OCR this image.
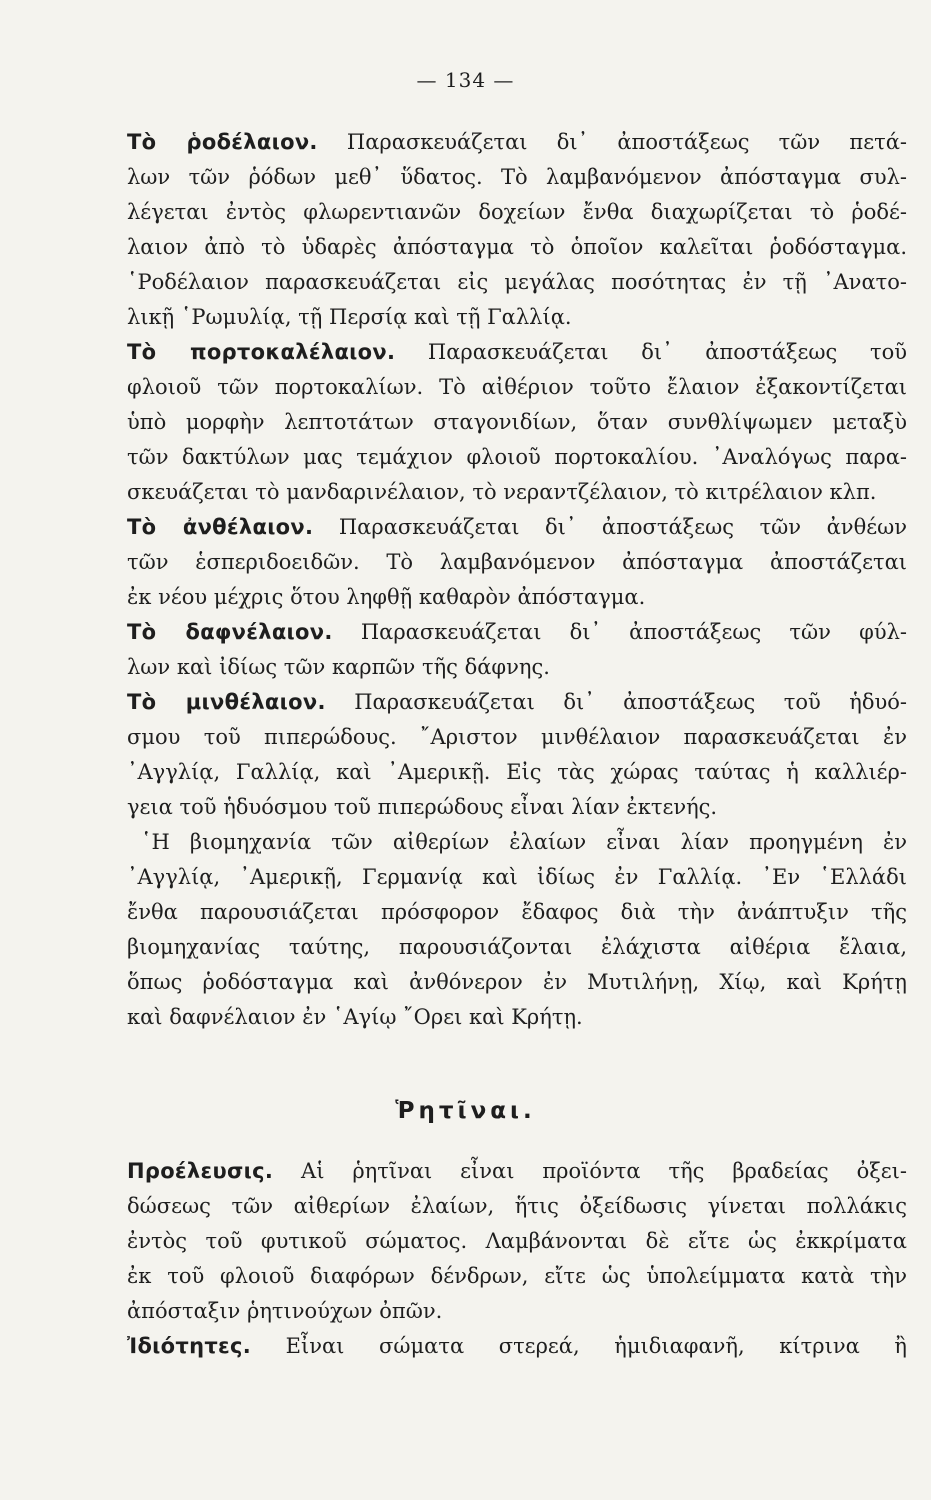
— 134 —
Τὸ ῥοδέλαιον. Παρασκευάζεται δι᾽ ἀποστάξεως τῶν πετά-
λων τῶν ῥόδων μεθ᾽ ὕδατος. Τὸ λαμβανόμενον ἀπόσταγμα συλ-
λέγεται ἐντὸς φλωρεντιανῶν δοχείων ἔνθα διαχωρίζεται τὸ ῥοδέ-
λαιον ἀπὸ τὸ ὑδαρὲς ἀπόσταγμα τὸ ὁποῖον καλεῖται ῥοδόσταγμα.
῾Ροδέλαιον παρασκευάζεται εἰς μεγάλας ποσότητας ἐν τῇ ᾿Ανατο-
λικῇ ῾Ρωμυλίᾳ, τῇ Περσίᾳ καὶ τῇ Γαλλίᾳ.
Τὸ πορτοκαλέλαιον. Παρασκευάζεται δι᾽ ἀποστάξεως τοῦ
φλοιοῦ τῶν πορτοκαλίων. Τὸ αἰθέριον τοῦτο ἔλαιον ἐξακοντίζεται
ὑπὸ μορφὴν λεπτοτάτων σταγονιδίων, ὅταν συνθλίψωμεν μεταξὺ
τῶν δακτύλων μας τεμάχιον φλοιοῦ πορτοκαλίου. ᾿Αναλόγως παρα-
σκευάζεται τὸ μανδαρινέλαιον, τὸ νεραντζέλαιον, τὸ κιτρέλαιον κλπ.
Τὸ ἀνθέλαιον. Παρασκευάζεται δι᾽ ἀποστάξεως τῶν ἀνθέων
τῶν ἑσπεριδοειδῶν. Τὸ λαμβανόμενον ἀπόσταγμα ἀποστάζεται
ἐκ νέου μέχρις ὅτου ληφθῇ καθαρὸν ἀπόσταγμα.
Τὸ δαφνέλαιον. Παρασκευάζεται δι᾽ ἀποστάξεως τῶν φύλ-
λων καὶ ἰδίως τῶν καρπῶν τῆς δάφνης.
Τὸ μινθέλαιον. Παρασκευάζεται δι᾽ ἀποστάξεως τοῦ ἡδυό-
σμου τοῦ πιπερώδους. ῎Αριστον μινθέλαιον παρασκευάζεται ἐν
᾿Αγγλίᾳ, Γαλλίᾳ, καὶ ᾿Αμερικῇ. Εἰς τὰς χώρας ταύτας ἡ καλλιέρ-
γεια τοῦ ἡδυόσμου τοῦ πιπερώδους εἶναι λίαν ἐκτενής.
῾Η βιομηχανία τῶν αἰθερίων ἐλαίων εἶναι λίαν προηγμένη ἐν
᾿Αγγλίᾳ, ᾿Αμερικῇ, Γερμανίᾳ καὶ ἰδίως ἐν Γαλλίᾳ. ᾿Εν ῾Ελλάδι
ἔνθα παρουσιάζεται πρόσφορον ἔδαφος διὰ τὴν ἀνάπτυξιν τῆς
βιομηχανίας ταύτης, παρουσιάζονται ἐλάχιστα αἰθέρια ἔλαια,
ὅπως ῥοδόσταγμα καὶ ἀνθόνερον ἐν Μυτιλήνῃ, Χίῳ, καὶ Κρήτῃ
καὶ δαφνέλαιον ἐν ῾Αγίῳ ῎Ορει καὶ Κρήτῃ.
Ῥητῖναι.
Προέλευσις. Αἱ ῥητῖναι εἶναι προϊόντα τῆς βραδείας ὀξει-
δώσεως τῶν αἰθερίων ἐλαίων, ἥτις ὀξείδωσις γίνεται πολλάκις
ἐντὸς τοῦ φυτικοῦ σώματος. Λαμβάνονται δὲ εἴτε ὡς ἐκκρίματα
ἐκ τοῦ φλοιοῦ διαφόρων δένδρων, εἴτε ὡς ὑπολείμματα κατὰ τὴν
ἀπόσταξιν ῥητινούχων ὀπῶν.
Ἰδιότητες. Εἶναι σώματα στερεά, ἡμιδιαφανῆ, κίτρινα ἢ
